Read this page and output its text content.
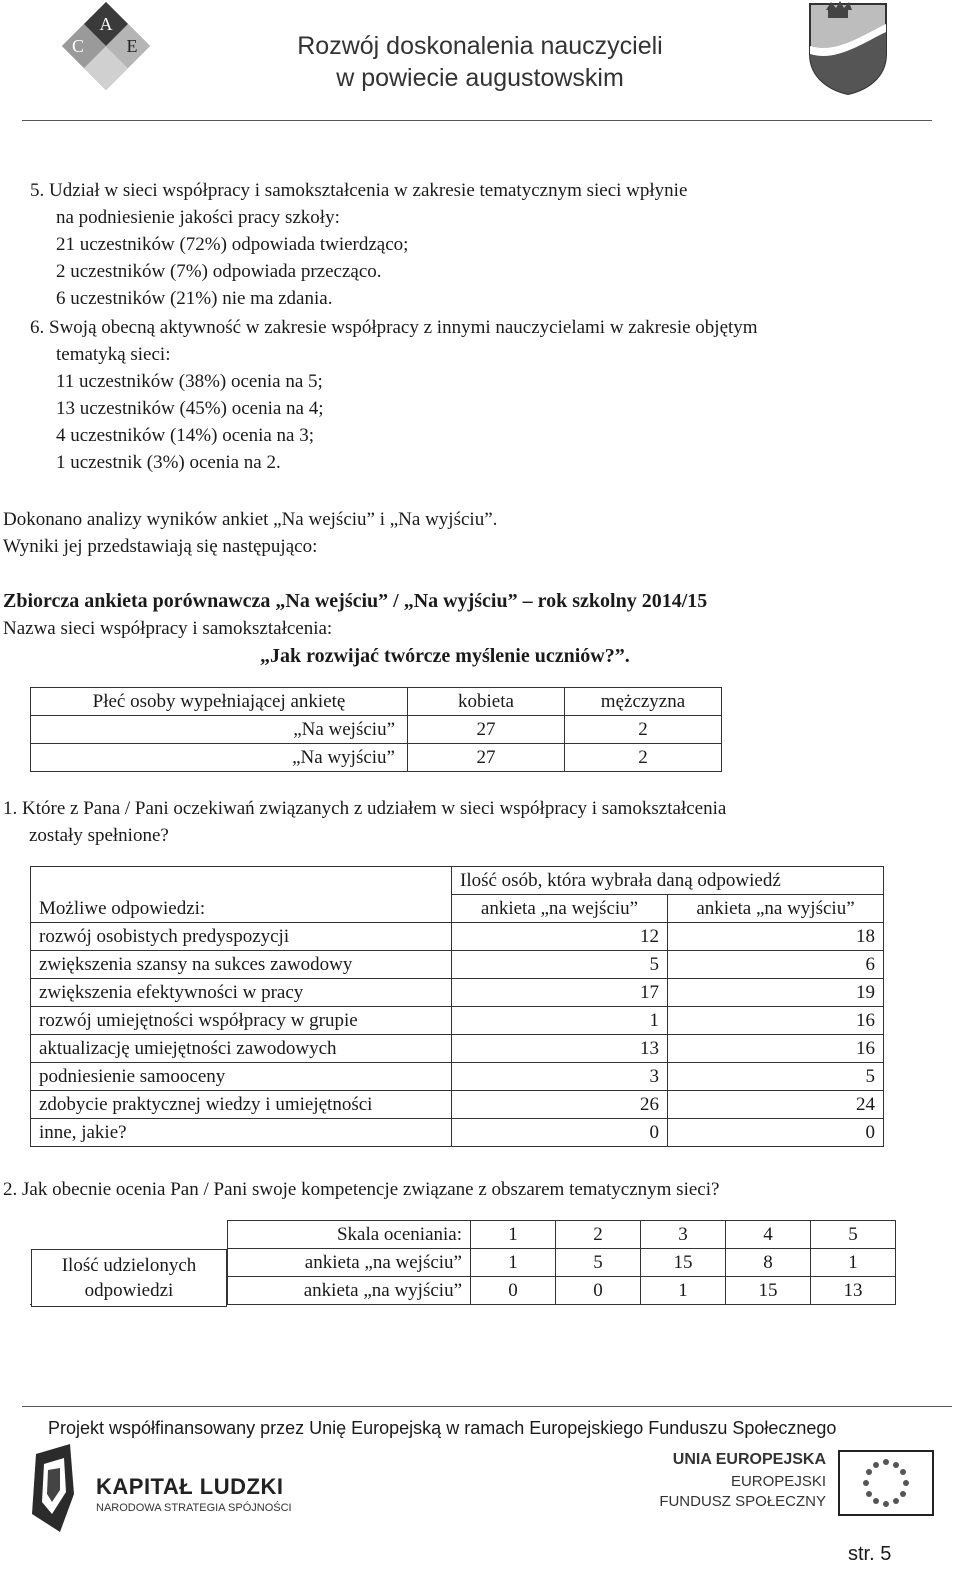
A
C E	Rozwój doskonalenia nauczycieli
w powiecie augustowskim

5. Udział w sieci współpracy i samokształcenia w zakresie tematycznym sieci wpłynie

na podniesienie jakości pracy szkoły:

21 uczestników (72%) odpowiada twierdząco;

2 uczestników (7%) odpowiada przecząco.

6 uczestników (21%) nie ma zdania.

6. Swoją obecną aktywność w zakresie współpracy z innymi nauczycielami w zakresie objętym

tematyką sieci:

11 uczestników (38%) ocenia na 5;

13 uczestników (45%) ocenia na 4;

4 uczestników (14%) ocenia na 3;

1 uczestnik (3%) ocenia na 2.

Dokonano analizy wyników ankiet „Na wejściu” i „Na wyjściu”.

Wyniki jej przedstawiają się następująco:

Zbiorcza ankieta porównawcza „Na wejściu” / „Na wyjściu” – rok szkolny 2014/15
Nazwa sieci współpracy i samokształcenia:
„Jak rozwijać twórcze myślenie uczniów?”.
Płeć osoby wypełniającej ankietę	kobieta	mężczyzna
„Na wejściu”	27	2
„Na wyjściu”	27	2

1. Które z Pana / Pani oczekiwań związanych z udziałem w sieci współpracy i samokształcenia

zostały spełnione?

Możliwe odpowiedzi:	Ilość osób, która wybrała daną odpowiedź	
	ankieta „na wejściu”	ankieta „na wyjściu”
rozwój osobistych predyspozycji	12	18
zwiększenia szansy na sukces zawodowy	5	6
zwiększenia efektywności w pracy	17	19
rozwój umiejętności współpracy w grupie	1	16
aktualizację umiejętności zawodowych	13	16
podniesienie samooceny	3	5
zdobycie praktycznej wiedzy i umiejętności	26	24
inne, jakie?	0	0

2. Jak obecnie ocenia Pan / Pani swoje kompetencje związane z obszarem tematycznym sieci?

	Skala oceniania:	1	2	3	4	5
	ankieta „na wejściu”	1	5	15	8	1
	ankieta „na wyjściu”	0	0	1	15	13
Ilość udzielonych odpowiedzi
Projekt współfinansowany przez Unię Europejską w ramach Europejskiego Funduszu Społecznego
KAPITAŁ LUDZKI
NARODOWA STRATEGIA SPÓJNOŚCI
UNIA EUROPEJSKA
EUROPEJSKI
FUNDUSZ SPOŁECZNY
str. 5
